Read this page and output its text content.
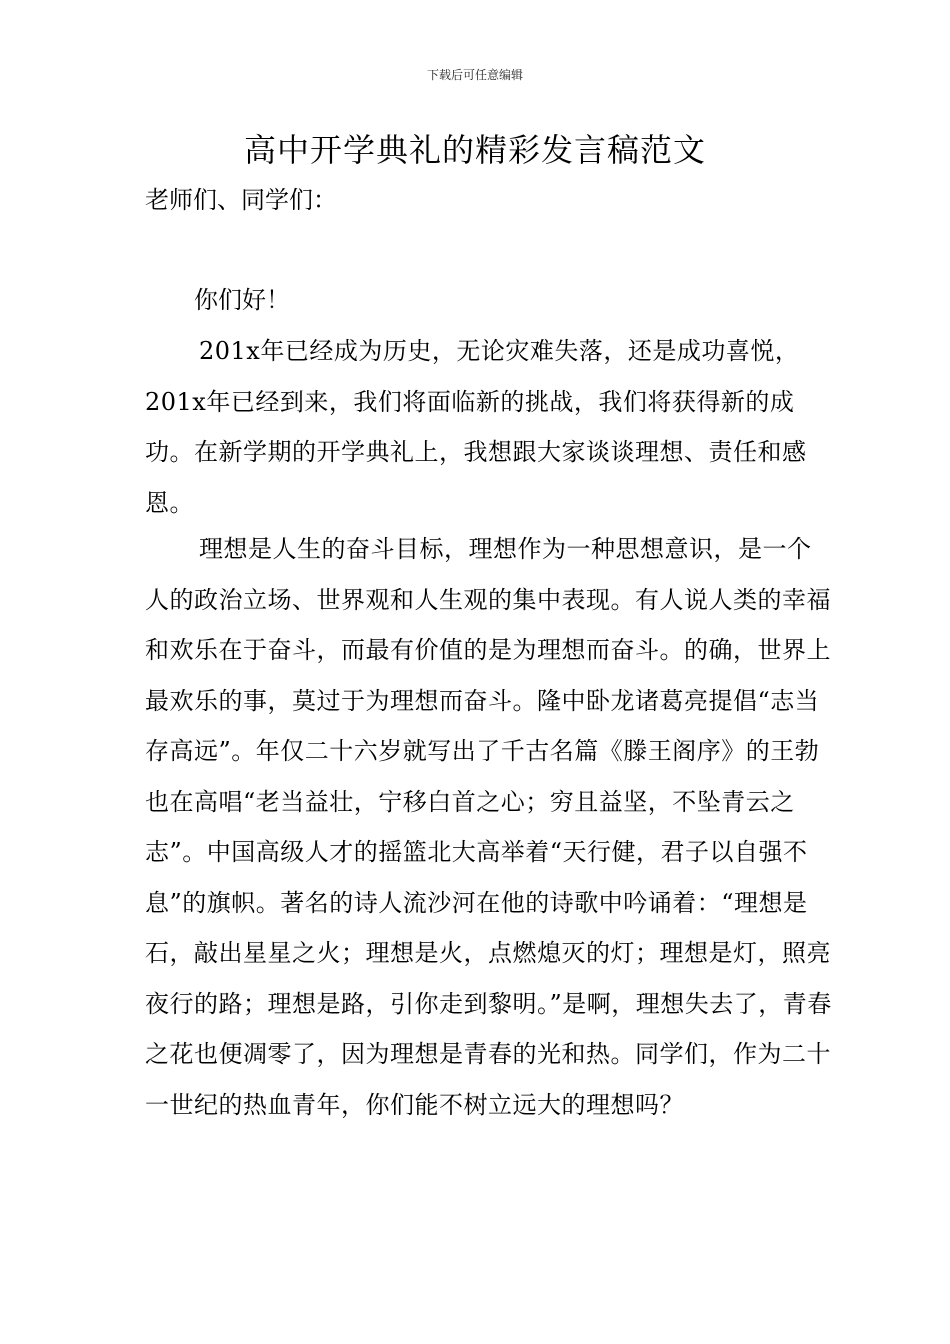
下载后可任意编辑
高中开学典礼的精彩发言稿范文
老师们、同学们：
你们好！

201x年已经成为历史，无论灾难失落，还是成功喜悦，201x年已经到来，我们将面临新的挑战，我们将获得新的成功。在新学期的开学典礼上，我想跟大家谈谈理想、责任和感恩。

理想是人生的奋斗目标，理想作为一种思想意识，是一个人的政治立场、世界观和人生观的集中表现。有人说人类的幸福和欢乐在于奋斗，而最有价值的是为理想而奋斗。的确，世界上最欢乐的事，莫过于为理想而奋斗。隆中卧龙诸葛亮提倡“志当存高远”。年仅二十六岁就写出了千古名篇《滕王阁序》的王勃也在高唱“老当益壮，宁移白首之心；穷且益坚，不坠青云之志”。中国高级人才的摇篮北大高举着“天行健，君子以自强不息”的旗帜。著名的诗人流沙河在他的诗歌中吟诵着：“理想是石，敲出星星之火；理想是火，点燃熄灭的灯；理想是灯，照亮夜行的路；理想是路，引你走到黎明。”是啊，理想失去了，青春之花也便凋零了，因为理想是青春的光和热。同学们，作为二十一世纪的热血青年，你们能不树立远大的理想吗？
